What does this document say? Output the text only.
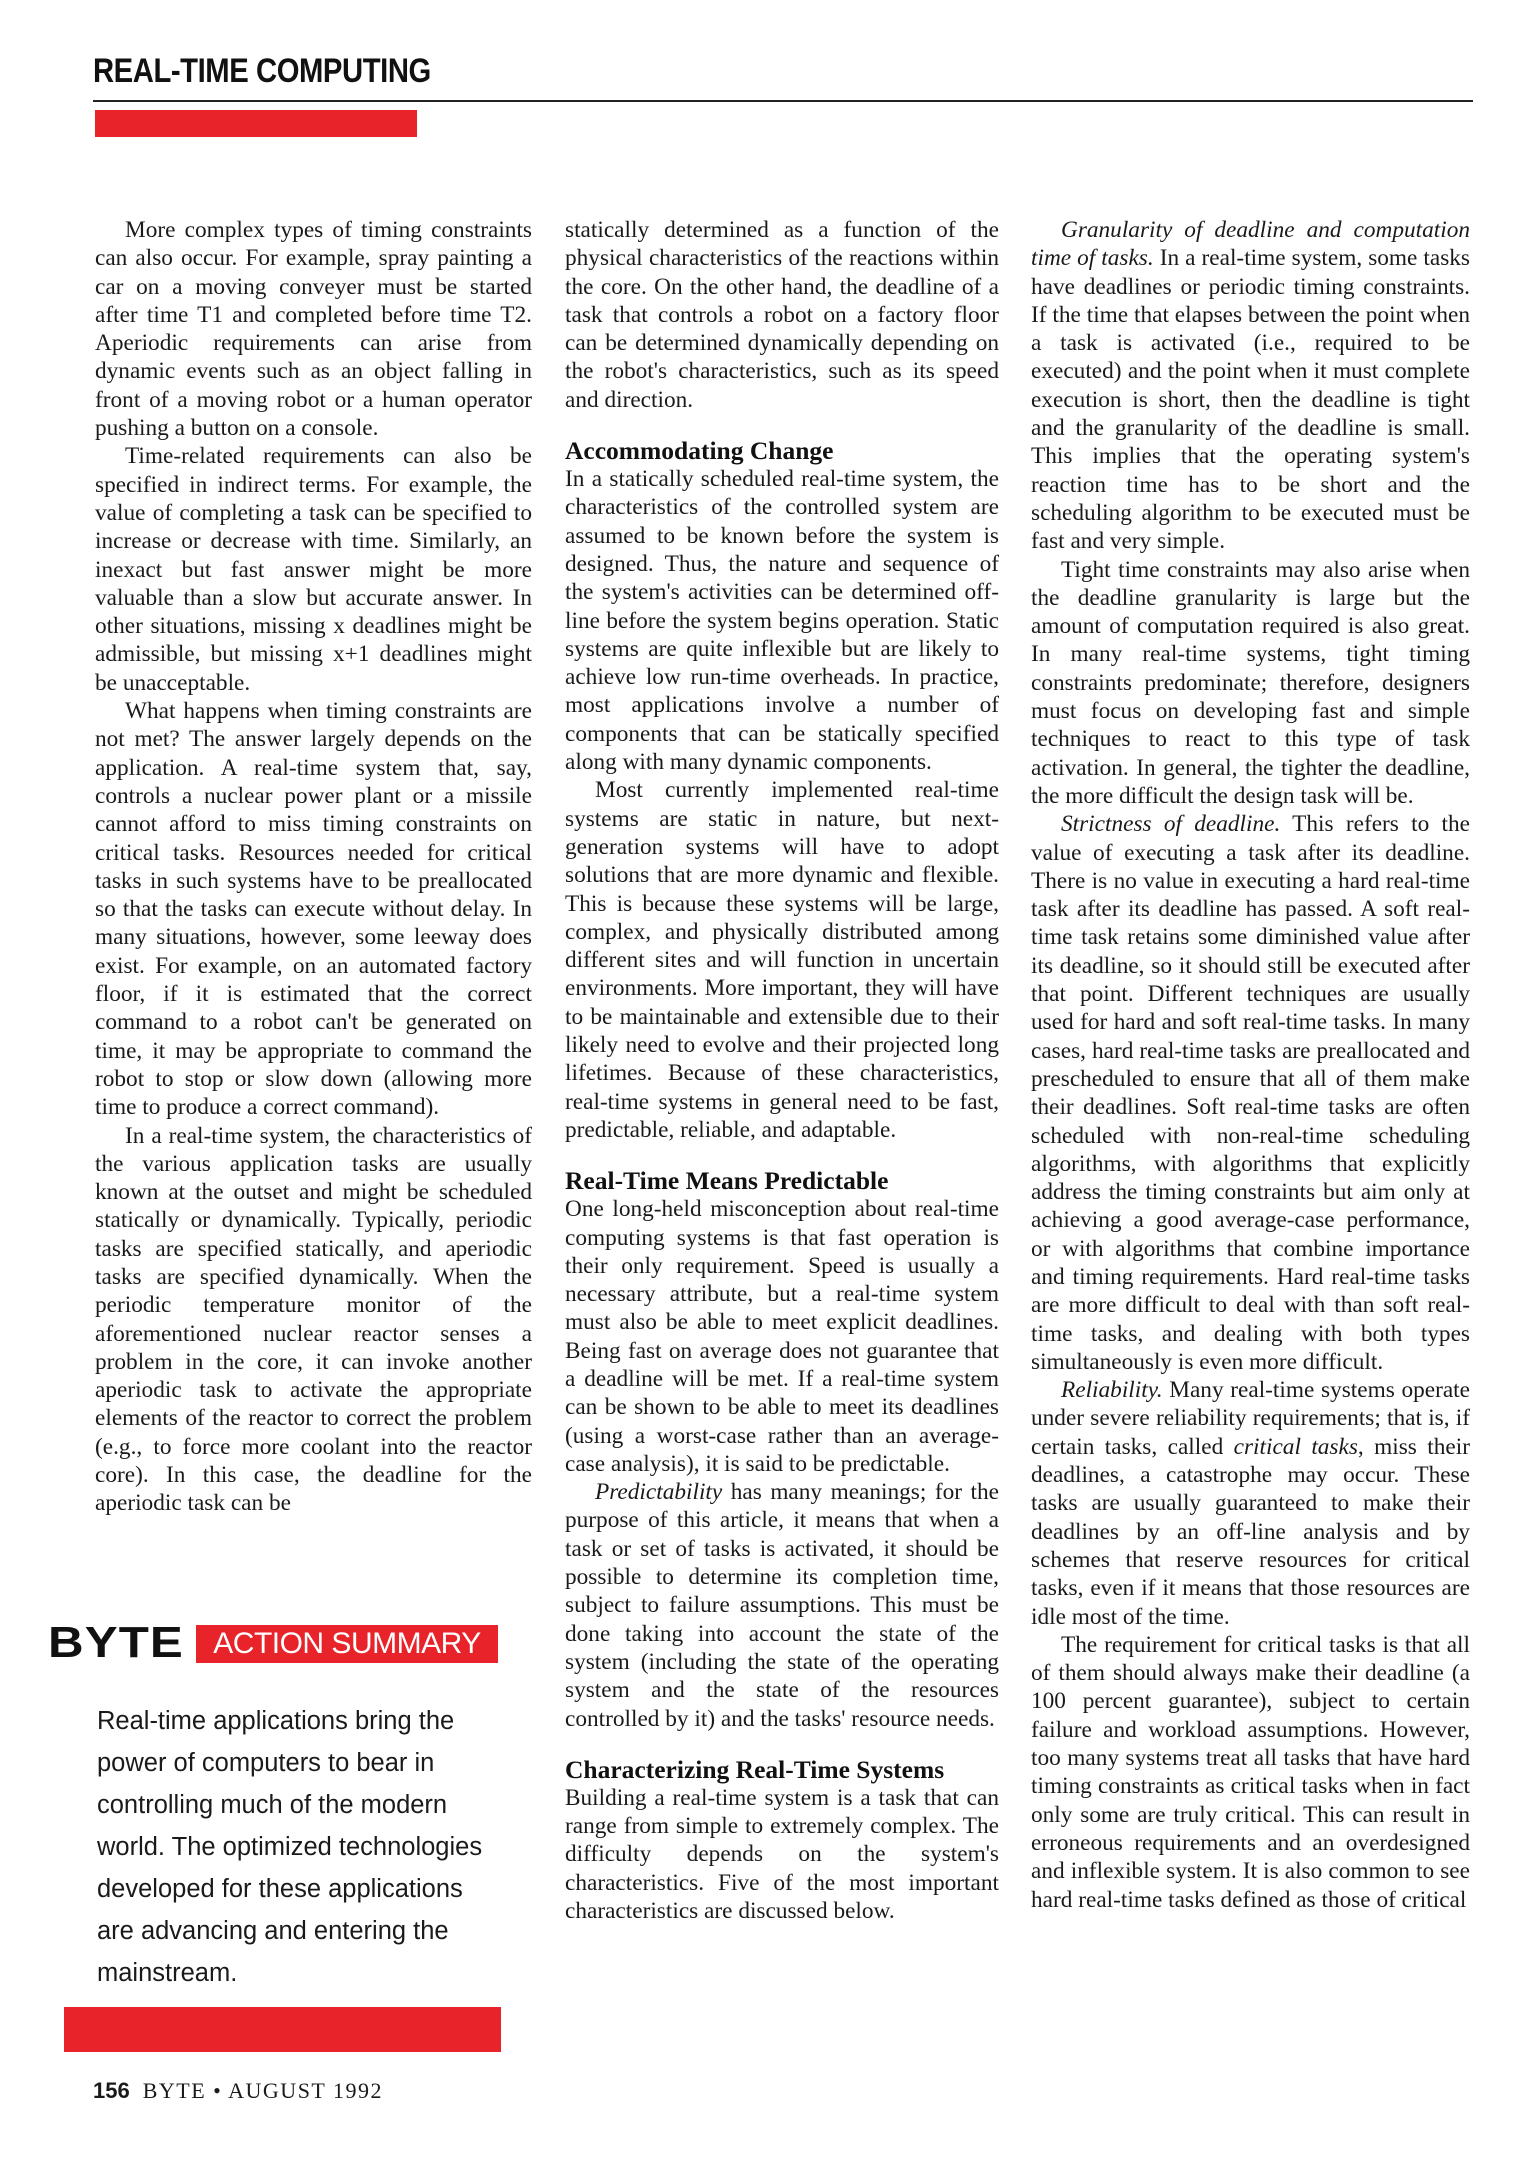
REAL-TIME COMPUTING

More complex types of timing constraints can also occur. For example, spray painting a car on a moving conveyer must be started after time T1 and completed before time T2. Aperiodic requirements can arise from dynamic events such as an object falling in front of a moving robot or a human operator pushing a button on a console.

Time-related requirements can also be specified in indirect terms. For example, the value of completing a task can be specified to increase or decrease with time. Similarly, an inexact but fast answer might be more valuable than a slow but accurate answer. In other situations, missing x deadlines might be admissible, but missing x+1 deadlines might be unacceptable.

What happens when timing constraints are not met? The answer largely depends on the application. A real-time system that, say, controls a nuclear power plant or a missile cannot afford to miss timing constraints on critical tasks. Resources needed for critical tasks in such systems have to be preallocated so that the tasks can execute without delay. In many situations, however, some leeway does exist. For example, on an automated factory floor, if it is estimated that the correct command to a robot can't be generated on time, it may be appropriate to command the robot to stop or slow down (allowing more time to produce a correct command).

In a real-time system, the characteristics of the various application tasks are usually known at the outset and might be scheduled statically or dynamically. Typically, periodic tasks are specified statically, and aperiodic tasks are specified dynamically. When the periodic temperature monitor of the aforementioned nuclear reactor senses a problem in the core, it can invoke another aperiodic task to activate the appropriate elements of the reactor to correct the problem (e.g., to force more coolant into the reactor core). In this case, the deadline for the aperiodic task can be

BYTE ACTION SUMMARY

Real-time applications bring the power of computers to bear in controlling much of the modern world. The optimized technologies developed for these applications are advancing and entering the mainstream.

statically determined as a function of the physical characteristics of the reactions within the core. On the other hand, the deadline of a task that controls a robot on a factory floor can be determined dynamically depending on the robot's characteristics, such as its speed and direction.

Accommodating Change

In a statically scheduled real-time system, the characteristics of the controlled system are assumed to be known before the system is designed. Thus, the nature and sequence of the system's activities can be determined off-line before the system begins operation. Static systems are quite inflexible but are likely to achieve low run-time overheads. In practice, most applications involve a number of components that can be statically specified along with many dynamic components.

Most currently implemented real-time systems are static in nature, but next-generation systems will have to adopt solutions that are more dynamic and flexible. This is because these systems will be large, complex, and physically distributed among different sites and will function in uncertain environments. More important, they will have to be maintainable and extensible due to their likely need to evolve and their projected long lifetimes. Because of these characteristics, real-time systems in general need to be fast, predictable, reliable, and adaptable.

Real-Time Means Predictable

One long-held misconception about real-time computing systems is that fast operation is their only requirement. Speed is usually a necessary attribute, but a real-time system must also be able to meet explicit deadlines. Being fast on average does not guarantee that a deadline will be met. If a real-time system can be shown to be able to meet its deadlines (using a worst-case rather than an average-case analysis), it is said to be predictable.

Predictability has many meanings; for the purpose of this article, it means that when a task or set of tasks is activated, it should be possible to determine its completion time, subject to failure assumptions. This must be done taking into account the state of the system (including the state of the operating system and the state of the resources controlled by it) and the tasks' resource needs.

Characterizing Real-Time Systems

Building a real-time system is a task that can range from simple to extremely complex. The difficulty depends on the system's characteristics. Five of the most important characteristics are discussed below.

Granularity of deadline and computation time of tasks. In a real-time system, some tasks have deadlines or periodic timing constraints. If the time that elapses between the point when a task is activated (i.e., required to be executed) and the point when it must complete execution is short, then the deadline is tight and the granularity of the deadline is small. This implies that the operating system's reaction time has to be short and the scheduling algorithm to be executed must be fast and very simple.

Tight time constraints may also arise when the deadline granularity is large but the amount of computation required is also great. In many real-time systems, tight timing constraints predominate; therefore, designers must focus on developing fast and simple techniques to react to this type of task activation. In general, the tighter the deadline, the more difficult the design task will be.

Strictness of deadline. This refers to the value of executing a task after its deadline. There is no value in executing a hard real-time task after its deadline has passed. A soft real-time task retains some diminished value after its deadline, so it should still be executed after that point. Different techniques are usually used for hard and soft real-time tasks. In many cases, hard real-time tasks are preallocated and prescheduled to ensure that all of them make their deadlines. Soft real-time tasks are often scheduled with non-real-time scheduling algorithms, with algorithms that explicitly address the timing constraints but aim only at achieving a good average-case performance, or with algorithms that combine importance and timing requirements. Hard real-time tasks are more difficult to deal with than soft real-time tasks, and dealing with both types simultaneously is even more difficult.

Reliability. Many real-time systems operate under severe reliability requirements; that is, if certain tasks, called critical tasks, miss their deadlines, a catastrophe may occur. These tasks are usually guaranteed to make their deadlines by an off-line analysis and by schemes that reserve resources for critical tasks, even if it means that those resources are idle most of the time.

The requirement for critical tasks is that all of them should always make their deadline (a 100 percent guarantee), subject to certain failure and workload assumptions. However, too many systems treat all tasks that have hard timing constraints as critical tasks when in fact only some are truly critical. This can result in erroneous requirements and an overdesigned and inflexible system. It is also common to see hard real-time tasks defined as those of critical

156 BYTE • AUGUST 1992
